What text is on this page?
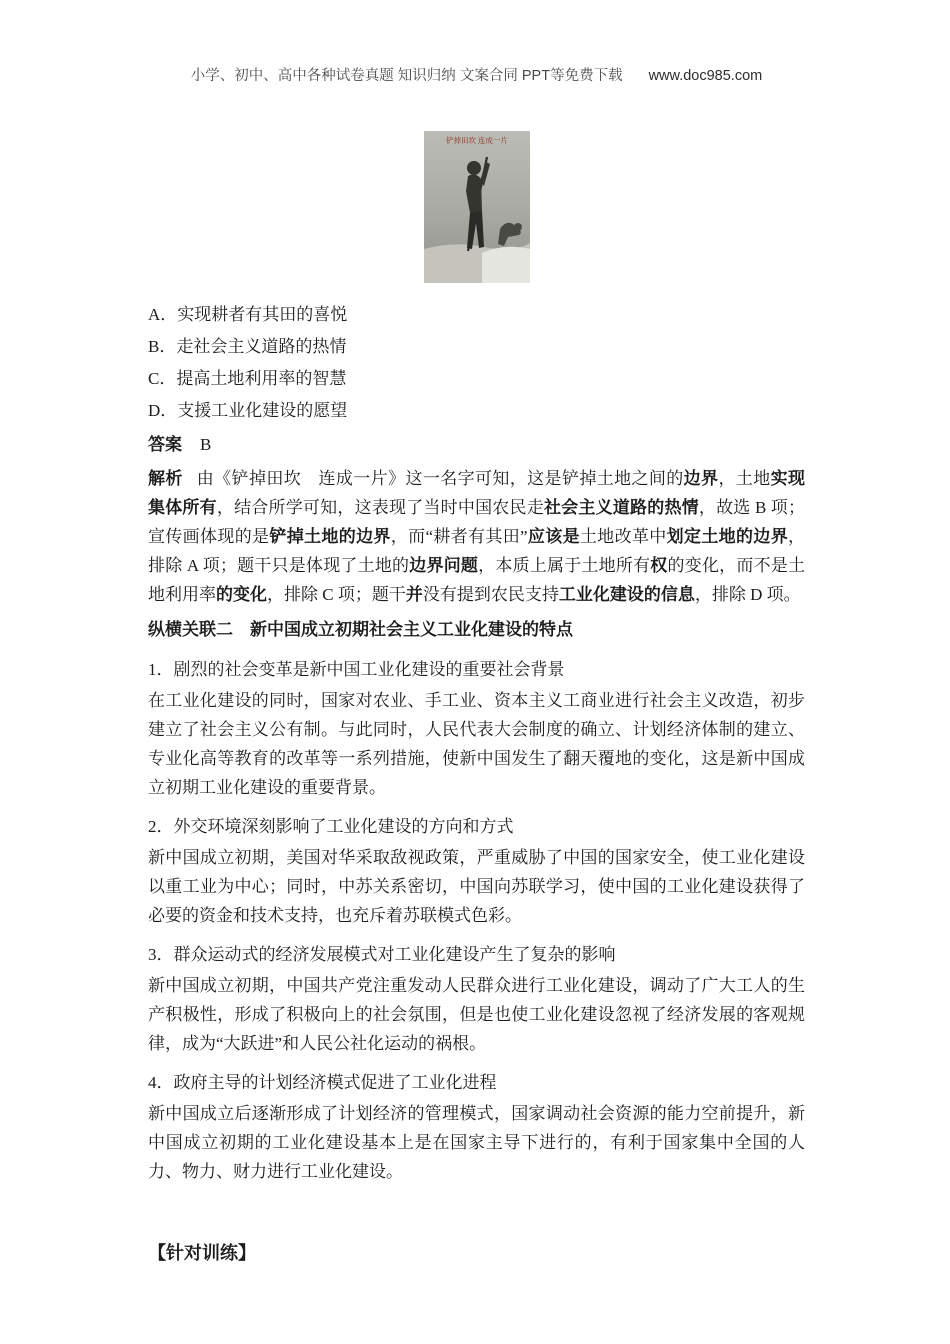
小学、初中、高中各种试卷真题 知识归纳 文案合同 PPT等免费下载 www.doc985.com
铲掉田坎 连成一片
A．实现耕者有其田的喜悦
B．走社会主义道路的热情
C．提高土地利用率的智慧
D．支援工业化建设的愿望
答案 B
解析 由《铲掉田坎　连成一片》这一名字可知，这是铲掉土地之间的边界，土地实现集体所有，结合所学可知，这表现了当时中国农民走社会主义道路的热情，故选 B 项；宣传画体现的是铲掉土地的边界，而“耕者有其田”应该是土地改革中划定土地的边界，排除 A 项；题干只是体现了土地的边界问题，本质上属于土地所有权的变化，而不是土地利用率的变化，排除 C 项；题干并没有提到农民支持工业化建设的信息，排除 D 项。
纵横关联二　新中国成立初期社会主义工业化建设的特点
1．剧烈的社会变革是新中国工业化建设的重要社会背景
在工业化建设的同时，国家对农业、手工业、资本主义工商业进行社会主义改造，初步建立了社会主义公有制。与此同时，人民代表大会制度的确立、计划经济体制的建立、专业化高等教育的改革等一系列措施，使新中国发生了翻天覆地的变化，这是新中国成立初期工业化建设的重要背景。
2．外交环境深刻影响了工业化建设的方向和方式
新中国成立初期，美国对华采取敌视政策，严重威胁了中国的国家安全，使工业化建设以重工业为中心；同时，中苏关系密切，中国向苏联学习，使中国的工业化建设获得了必要的资金和技术支持，也充斥着苏联模式色彩。
3．群众运动式的经济发展模式对工业化建设产生了复杂的影响
新中国成立初期，中国共产党注重发动人民群众进行工业化建设，调动了广大工人的生产积极性，形成了积极向上的社会氛围，但是也使工业化建设忽视了经济发展的客观规律，成为“大跃进”和人民公社化运动的祸根。
4．政府主导的计划经济模式促进了工业化进程
新中国成立后逐渐形成了计划经济的管理模式，国家调动社会资源的能力空前提升，新中国成立初期的工业化建设基本上是在国家主导下进行的，有利于国家集中全国的人力、物力、财力进行工业化建设。
【针对训练】
